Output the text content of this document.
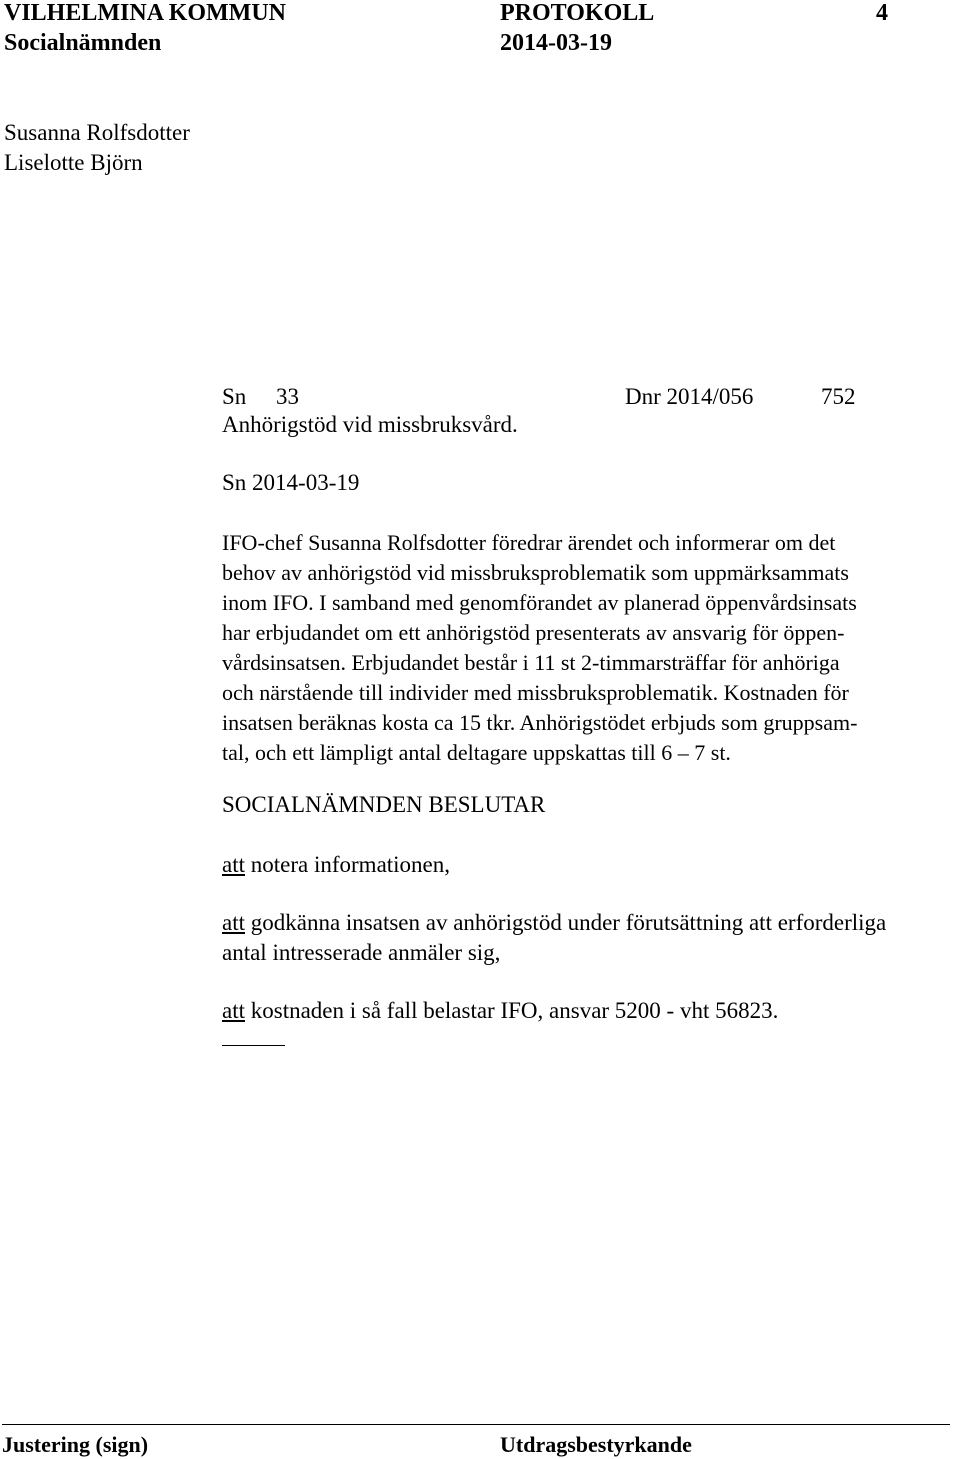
VILHELMINA KOMMUN	PROTOKOLL	4
Socialnämnden	2014-03-19
Susanna Rolfsdotter
Liselotte Björn
Sn 33	Dnr 2014/056	752
Anhörigstöd vid missbruksvård.
Sn 2014-03-19
IFO-chef Susanna Rolfsdotter föredrar ärendet och informerar om det
behov av anhörigstöd vid missbruksproblematik som uppmärksammats
inom IFO. I samband med genomförandet av planerad öppenvårdsinsats
har erbjudandet om ett anhörigstöd presenterats av ansvarig för öppen-
vårdsinsatsen. Erbjudandet består i 11 st 2-timmarsträffar för anhöriga
och närstående till individer med missbruksproblematik. Kostnaden för
insatsen beräknas kosta ca 15 tkr. Anhörigstödet erbjuds som gruppsam-
tal, och ett lämpligt antal deltagare uppskattas till 6 – 7 st.
SOCIALNÄMNDEN BESLUTAR
att notera informationen,
att godkänna insatsen av anhörigstöd under förutsättning att erforderliga
antal intresserade anmäler sig,
att kostnaden i så fall belastar IFO, ansvar 5200 - vht 56823.
Justering (sign)	Utdragsbestyrkande
